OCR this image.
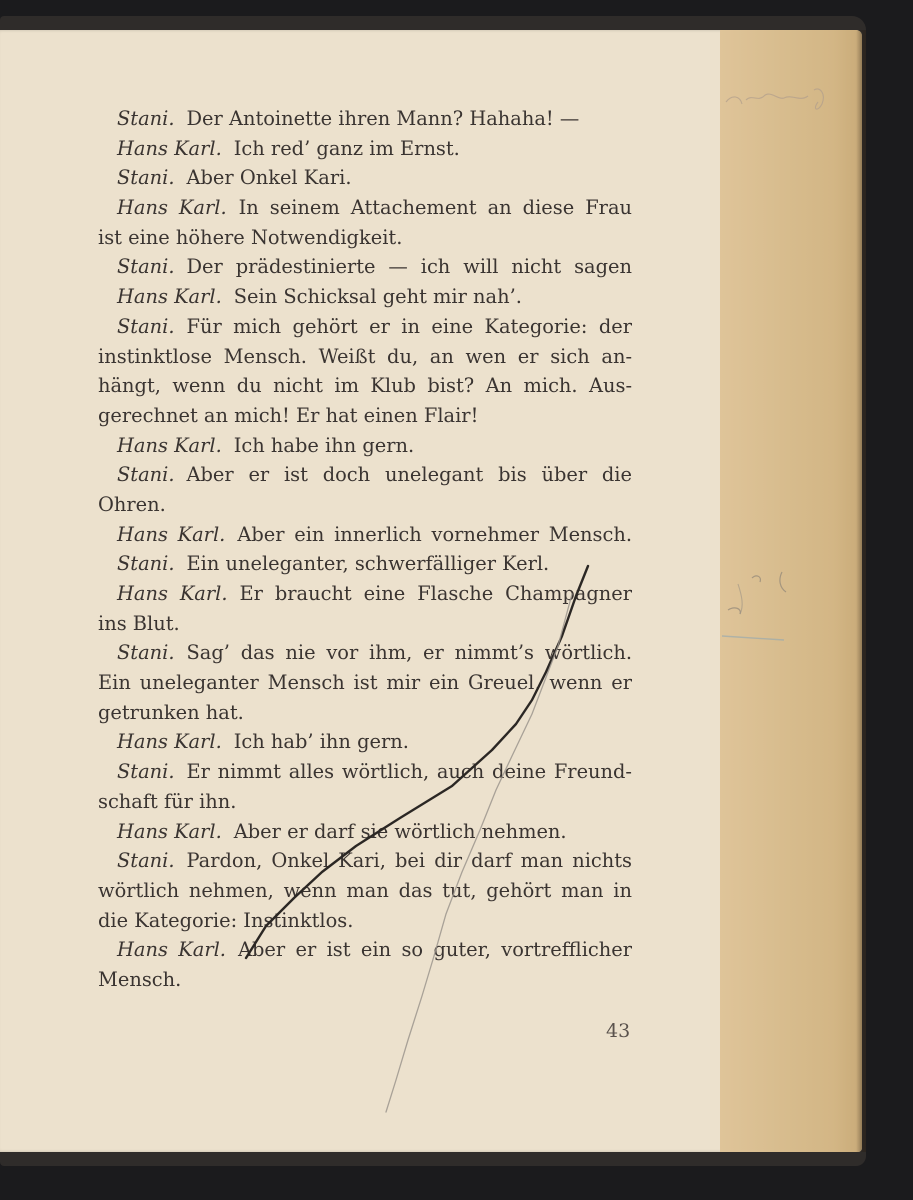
Stani. Der Antoinette ihren Mann? Hahaha! —
Hans Karl. Ich red’ ganz im Ernst.
Stani. Aber Onkel Kari.
Hans Karl. In seinem Attachement an diese Frau
ist eine höhere Notwendigkeit.
Stani. Der prädestinierte — ich will nicht sagen
Hans Karl. Sein Schicksal geht mir nah’.
Stani. Für mich gehört er in eine Kategorie: der
instinktlose Mensch. Weißt du, an wen er sich an-
hängt, wenn du nicht im Klub bist? An mich. Aus-
gerechnet an mich! Er hat einen Flair!
Hans Karl. Ich habe ihn gern.
Stani. Aber er ist doch unelegant bis über die
Ohren.
Hans Karl. Aber ein innerlich vornehmer Mensch.
Stani. Ein uneleganter, schwerfälliger Kerl.
Hans Karl. Er braucht eine Flasche Champagner
ins Blut.
Stani. Sag’ das nie vor ihm, er nimmt’s wörtlich.
Ein uneleganter Mensch ist mir ein Greuel, wenn er
getrunken hat.
Hans Karl. Ich hab’ ihn gern.
Stani. Er nimmt alles wörtlich, auch deine Freund-
schaft für ihn.
Hans Karl. Aber er darf sie wörtlich nehmen.
Stani. Pardon, Onkel Kari, bei dir darf man nichts
wörtlich nehmen, wenn man das tut, gehört man in
die Kategorie: Instinktlos.
Hans Karl. Aber er ist ein so guter, vortrefflicher
Mensch.
43
